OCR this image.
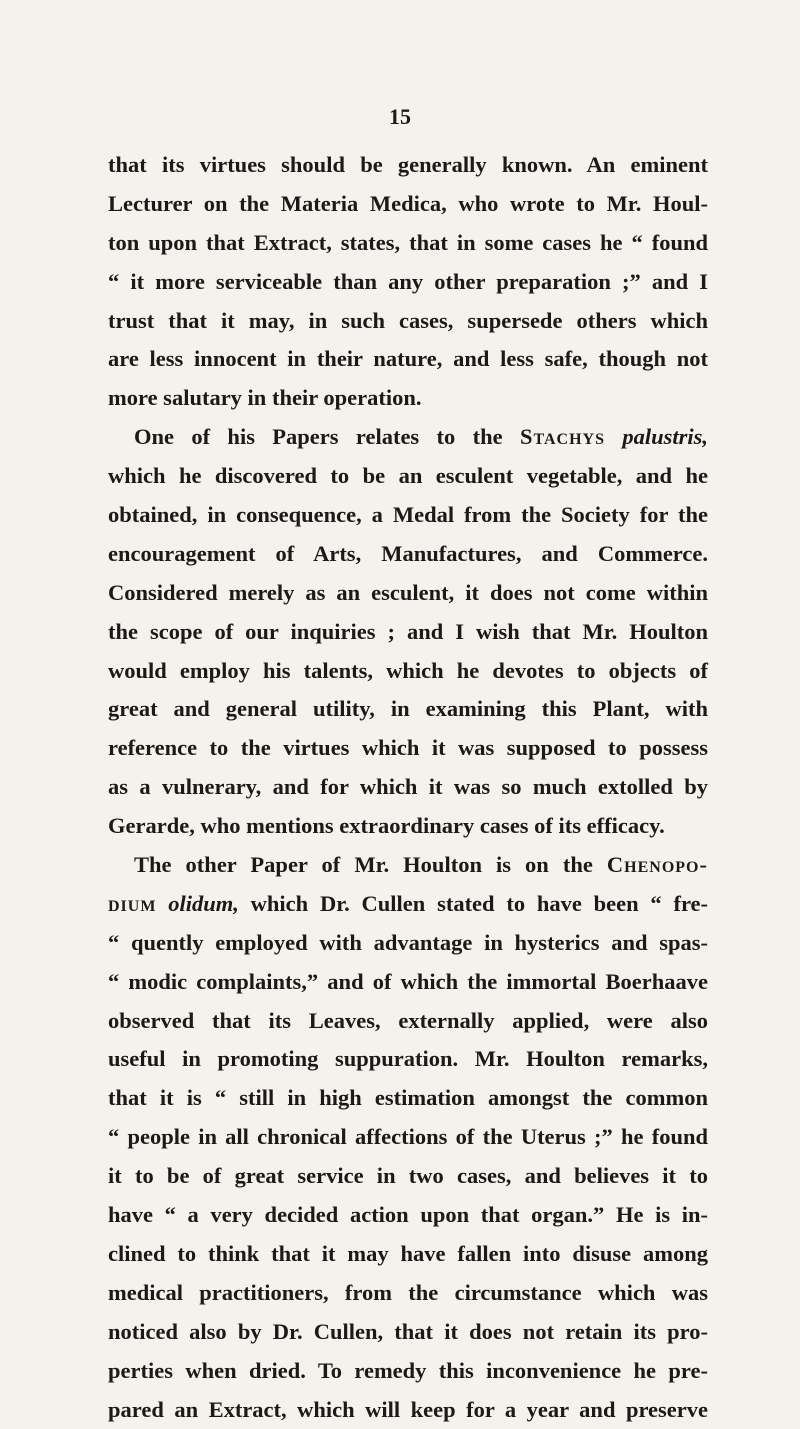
15
that its virtues should be generally known. An eminent
Lecturer on the Materia Medica, who wrote to Mr. Houl-
ton upon that Extract, states, that in some cases he “ found
“ it more serviceable than any other preparation ;” and I
trust that it may, in such cases, supersede others which
are less innocent in their nature, and less safe, though not
more salutary in their operation.
One of his Papers relates to the Stachys palustris,
which he discovered to be an esculent vegetable, and he
obtained, in consequence, a Medal from the Society for the
encouragement of Arts, Manufactures, and Commerce.
Considered merely as an esculent, it does not come within
the scope of our inquiries ; and I wish that Mr. Houlton
would employ his talents, which he devotes to objects of
great and general utility, in examining this Plant, with
reference to the virtues which it was supposed to possess
as a vulnerary, and for which it was so much extolled by
Gerarde, who mentions extraordinary cases of its efficacy.
The other Paper of Mr. Houlton is on the Chenopo-
dium olidum, which Dr. Cullen stated to have been “ fre-
“ quently employed with advantage in hysterics and spas-
“ modic complaints,” and of which the immortal Boerhaave
observed that its Leaves, externally applied, were also
useful in promoting suppuration. Mr. Houlton remarks,
that it is “ still in high estimation amongst the common
“ people in all chronical affections of the Uterus ;” he found
it to be of great service in two cases, and believes it to
have “ a very decided action upon that organ.” He is in-
clined to think that it may have fallen into disuse among
medical practitioners, from the circumstance which was
noticed also by Dr. Cullen, that it does not retain its pro-
perties when dried. To remedy this inconvenience he pre-
pared an Extract, which will keep for a year and preserve
